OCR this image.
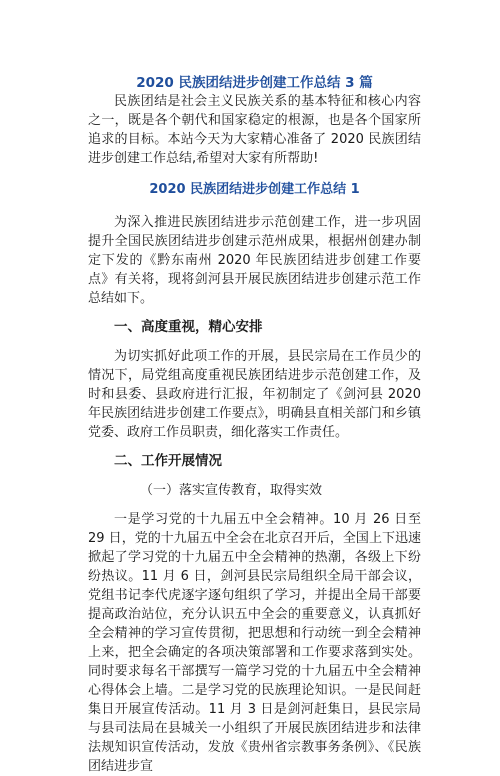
2020 民族团结进步创建工作总结 3 篇

民族团结是社会主义民族关系的基本特征和核心内容之一，既是各个朝代和国家稳定的根源，也是各个国家所追求的目标。本站今天为大家精心准备了 2020 民族团结进步创建工作总结,希望对大家有所帮助!

2020 民族团结进步创建工作总结 1

为深入推进民族团结进步示范创建工作，进一步巩固提升全国民族团结进步创建示范州成果，根据州创建办制定下发的《黔东南州 2020 年民族团结进步创建工作要点》有关将，现将剑河县开展民族团结进步创建示范工作总结如下。

一、高度重视，精心安排

为切实抓好此项工作的开展，县民宗局在工作员少的情况下，局党组高度重视民族团结进步示范创建工作，及时和县委、县政府进行汇报，年初制定了《剑河县 2020 年民族团结进步创建工作要点》，明确县直相关部门和乡镇党委、政府工作员职责，细化落实工作责任。

二、工作开展情况

（一）落实宣传教育，取得实效

一是学习党的十九届五中全会精神。10 月 26 日至 29 日，党的十九届五中全会在北京召开后，全国上下迅速掀起了学习党的十九届五中全会精神的热潮，各级上下纷纷热议。11 月 6 日，剑河县民宗局组织全局干部会议，党组书记李代虎逐字逐句组织了学习，并提出全局干部要提高政治站位，充分认识五中全会的重要意义，认真抓好全会精神的学习宣传贯彻，把思想和行动统一到全会精神上来，把全会确定的各项决策部署和工作要求落到实处。同时要求每名干部撰写一篇学习党的十九届五中全会精神心得体会上墙。二是学习党的民族理论知识。一是民间赶集日开展宣传活动。11 月 3 日是剑河赶集日，县民宗局与县司法局在县城关一小组织了开展民族团结进步和法律法规知识宣传活动，发放《贵州省宗教事务条例》、《民族团结进步宣
